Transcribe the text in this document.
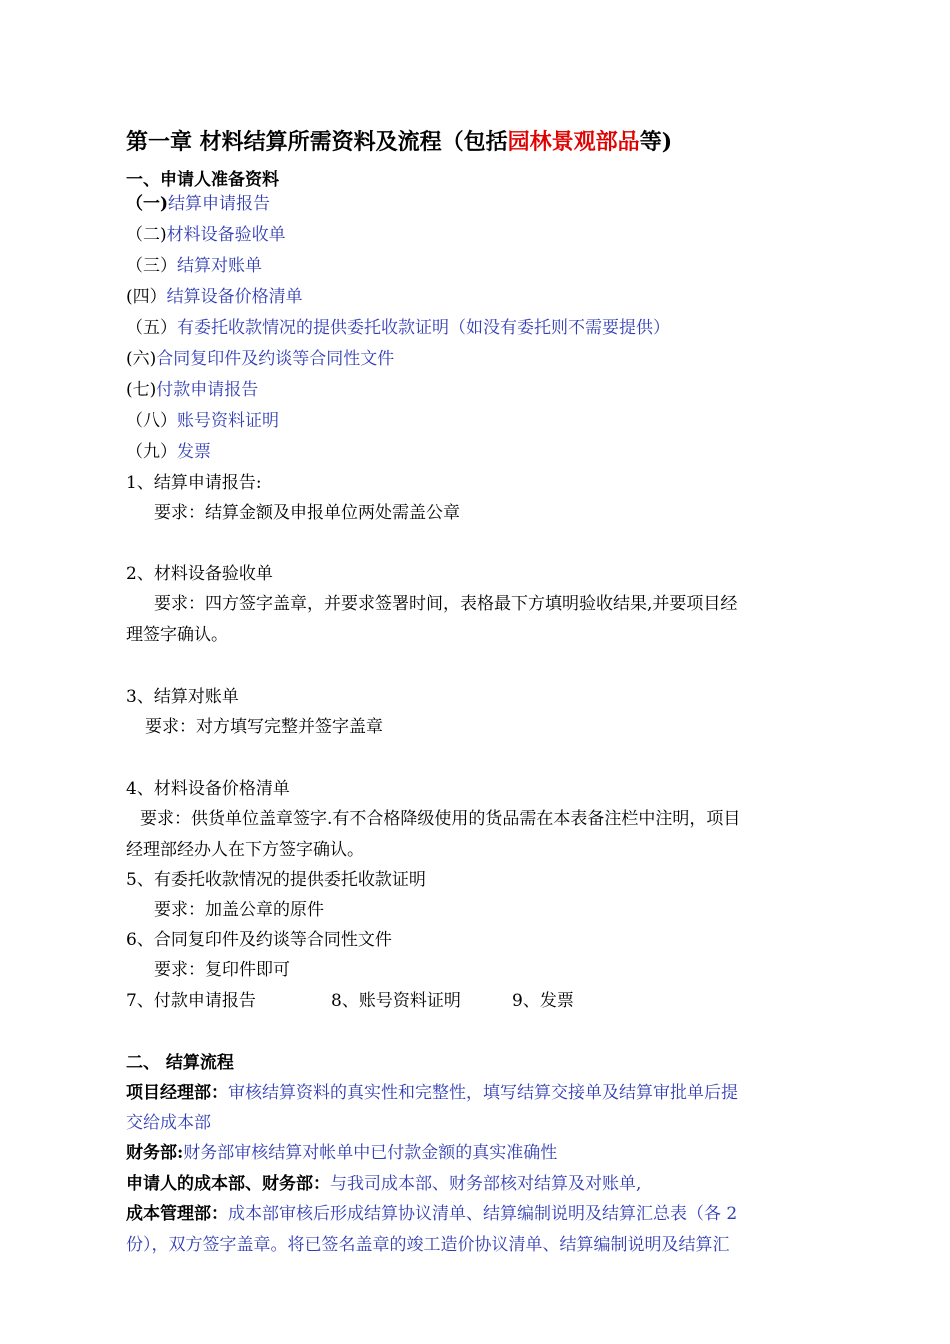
第一章 材料结算所需资料及流程（包括园林景观部品等)
一、申请人准备资料
（一)结算申请报告
（二)材料设备验收单
（三）结算对账单
(四）结算设备价格清单
（五）有委托收款情况的提供委托收款证明（如没有委托则不需要提供）
(六)合同复印件及约谈等合同性文件
(七)付款申请报告
（八）账号资料证明
（九）发票
1、结算申请报告:
要求：结算金额及申报单位两处需盖公章
2、材料设备验收单
要求：四方签字盖章，并要求签署时间，表格最下方填明验收结果,并要项目经
理签字确认。
3、结算对账单
要求：对方填写完整并签字盖章
4、材料设备价格清单
要求：供货单位盖章签字.有不合格降级使用的货品需在本表备注栏中注明，项目
经理部经办人在下方签字确认。
5、有委托收款情况的提供委托收款证明
要求：加盖公章的原件
6、合同复印件及约谈等合同性文件
要求：复印件即可
7、付款申请报告	8、账号资料证明	9、发票
二、 结算流程
项目经理部：审核结算资料的真实性和完整性，填写结算交接单及结算审批单后提
交给成本部
财务部:财务部审核结算对帐单中已付款金额的真实准确性
申请人的成本部、财务部：与我司成本部、财务部核对结算及对账单,
成本管理部：成本部审核后形成结算协议清单、结算编制说明及结算汇总表（各 2
份），双方签字盖章。将已签名盖章的竣工造价协议清单、结算编制说明及结算汇
